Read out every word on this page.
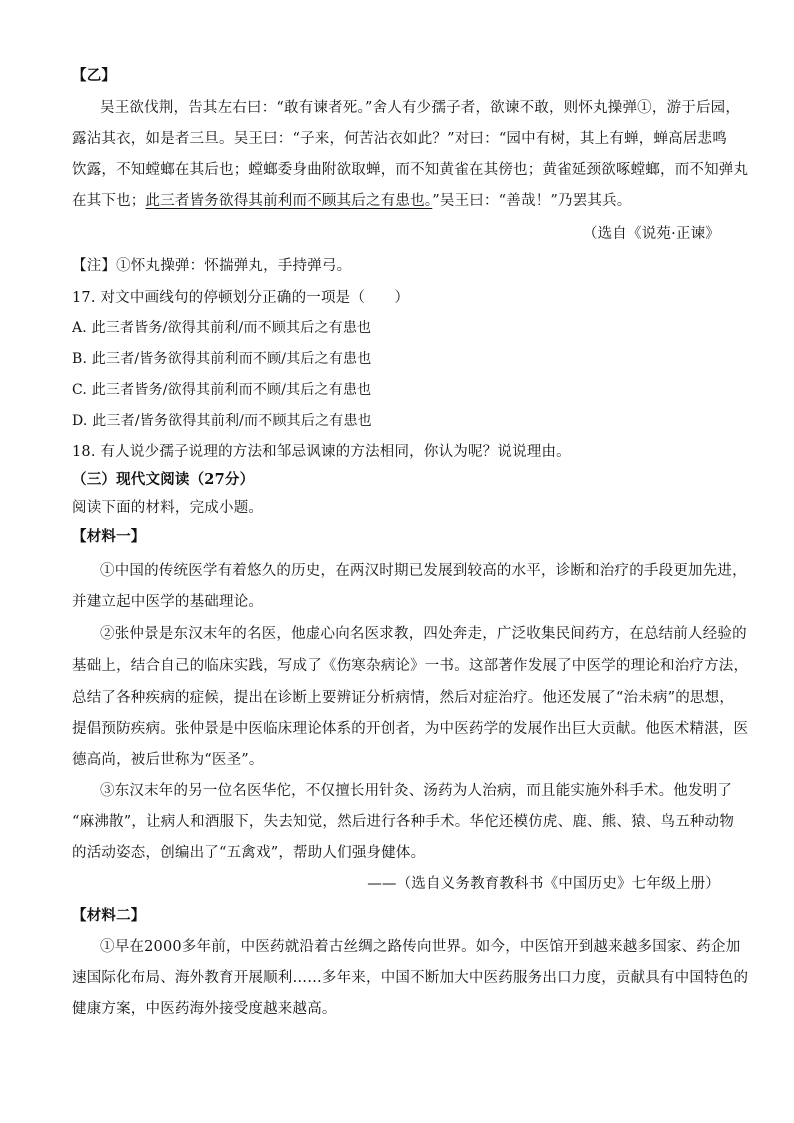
【乙】
吴王欲伐荆，告其左右曰：“敢有谏者死。”舍人有少孺子者，欲谏不敢，则怀丸操弹①，游于后园，
露沾其衣，如是者三旦。吴王曰：“子来，何苦沾衣如此？”对曰：“园中有树，其上有蝉，蝉高居悲鸣
饮露，不知螳螂在其后也；螳螂委身曲附欲取蝉，而不知黄雀在其傍也；黄雀延颈欲啄螳螂，而不知弹丸
在其下也；此三者皆务欲得其前利而不顾其后之有患也。”吴王曰：“善哉！”乃罢其兵。
（选自《说苑·正谏》
【注】①怀丸操弹：怀揣弹丸，手持弹弓。
17. 对文中画线句的停顿划分正确的一项是（　　）
A. 此三者皆务/欲得其前利/而不顾其后之有患也
B. 此三者/皆务欲得其前利而不顾/其后之有患也
C. 此三者皆务/欲得其前利而不顾/其后之有患也
D. 此三者/皆务欲得其前利/而不顾其后之有患也
18. 有人说少孺子说理的方法和邹忌讽谏的方法相同，你认为呢？说说理由。
（三）现代文阅读（27分）
阅读下面的材料，完成小题。
【材料一】
①中国的传统医学有着悠久的历史，在两汉时期已发展到较高的水平，诊断和治疗的手段更加先进，
并建立起中医学的基础理论。
②张仲景是东汉末年的名医，他虚心向名医求教，四处奔走，广泛收集民间药方，在总结前人经验的
基础上，结合自己的临床实践，写成了《伤寒杂病论》一书。这部著作发展了中医学的理论和治疗方法，
总结了各种疾病的症候，提出在诊断上要辨证分析病情，然后对症治疗。他还发展了“治未病”的思想，
提倡预防疾病。张仲景是中医临床理论体系的开创者，为中医药学的发展作出巨大贡献。他医术精湛，医
德高尚，被后世称为“医圣”。
③东汉末年的另一位名医华佗，不仅擅长用针灸、汤药为人治病，而且能实施外科手术。他发明了
“麻沸散”，让病人和酒服下，失去知觉，然后进行各种手术。华佗还模仿虎、鹿、熊、猿、鸟五种动物
的活动姿态，创编出了“五禽戏”，帮助人们强身健体。
——（选自义务教育教科书《中国历史》七年级上册）
【材料二】
①早在2000多年前，中医药就沿着古丝绸之路传向世界。如今，中医馆开到越来越多国家、药企加
速国际化布局、海外教育开展顺利……多年来，中国不断加大中医药服务出口力度，贡献具有中国特色的
健康方案，中医药海外接受度越来越高。
